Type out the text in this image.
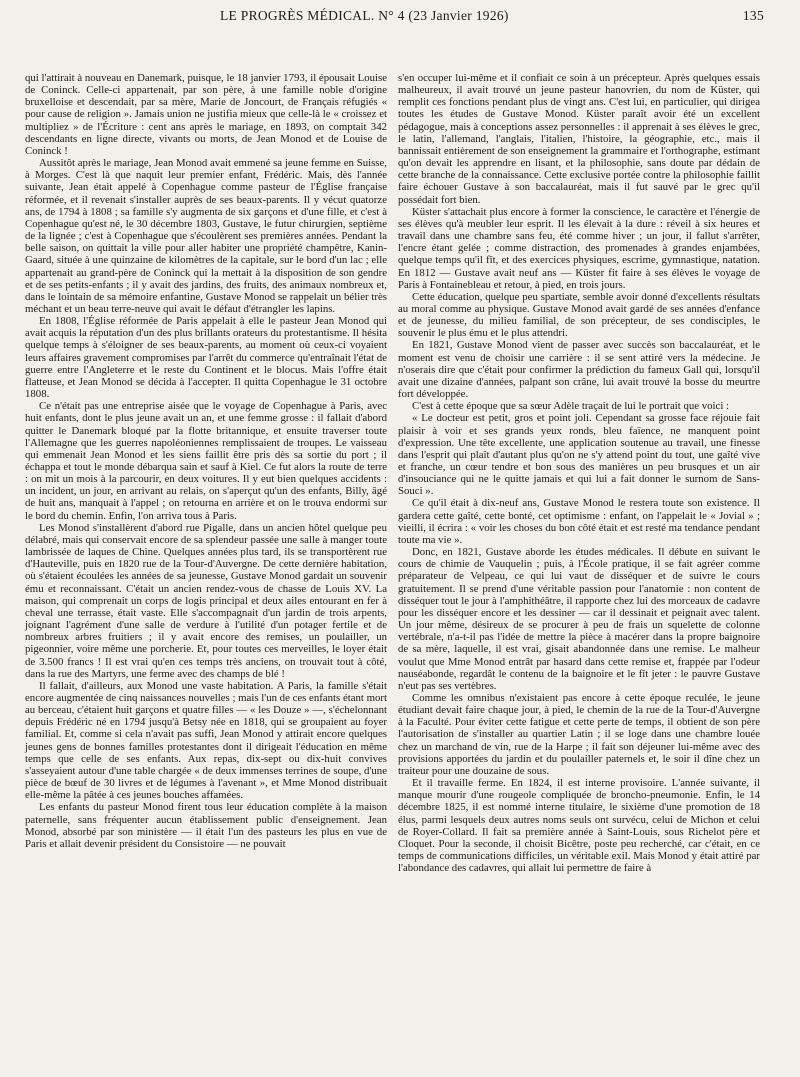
LE PROGRÈS MÉDICAL. N° 4 (23 Janvier 1926)	135

qui l'attirait à nouveau en Danemark, puisque, le 18 janvier 1793, il épousait Louise de Coninck. Celle-ci appartenait, par son père, à une famille noble d'origine bruxelloise et descendait, par sa mère, Marie de Joncourt, de Français réfugiés « pour cause de religion ». Jamais union ne justifia mieux que celle-là le « croissez et multipliez » de l'Écriture : cent ans après le mariage, en 1893, on comptait 342 descendants en ligne directe, vivants ou morts, de Jean Monod et de Louise de Coninck !

Aussitôt après le mariage, Jean Monod avait emmené sa jeune femme en Suisse, à Morges. C'est là que naquit leur premier enfant, Frédéric. Mais, dès l'année suivante, Jean était appelé à Copenhague comme pasteur de l'Église française réformée, et il revenait s'installer auprès de ses beaux-parents. Il y vécut quatorze ans, de 1794 à 1808 ; sa famille s'y augmenta de six garçons et d'une fille, et c'est à Copenhague qu'est né, le 30 décembre 1803, Gustave, le futur chirurgien, septième de la lignée ; c'est à Copenhague que s'écoulèrent ses premières années. Pendant la belle saison, on quittait la ville pour aller habiter une propriété champêtre, Kanin-Gaard, située à une quinzaine de kilomètres de la capitale, sur le bord d'un lac ; elle appartenait au grand-père de Coninck qui la mettait à la disposition de son gendre et de ses petits-enfants ; il y avait des jardins, des fruits, des animaux nombreux et, dans le lointain de sa mémoire enfantine, Gustave Monod se rappelait un bélier très méchant et un beau terre-neuve qui avait le défaut d'étrangler les lapins.

En 1808, l'Église réformée de Paris appelait à elle le pasteur Jean Monod qui avait acquis la réputation d'un des plus brillants orateurs du protestantisme. Il hésita quelque temps à s'éloigner de ses beaux-parents, au moment où ceux-ci voyaient leurs affaires gravement compromises par l'arrêt du commerce qu'entraînait l'état de guerre entre l'Angleterre et le reste du Continent et le blocus. Mais l'offre était flatteuse, et Jean Monod se décida à l'accepter. Il quitta Copenhague le 31 octobre 1808.

Ce n'était pas une entreprise aisée que le voyage de Copenhague à Paris, avec huit enfants, dont le plus jeune avait un an, et une femme grosse : il fallait d'abord quitter le Danemark bloqué par la flotte britannique, et ensuite traverser toute l'Allemagne que les guerres napoléoniennes remplissaient de troupes. Le vaisseau qui emmenait Jean Monod et les siens faillit être pris dès sa sortie du port ; il échappa et tout le monde débarqua sain et sauf à Kiel. Ce fut alors la route de terre : on mit un mois à la parcourir, en deux voitures. Il y eut bien quelques accidents : un incident, un jour, en arrivant au relais, on s'aperçut qu'un des enfants, Billy, âgé de huit ans, manquait à l'appel ; on retourna en arrière et on le trouva endormi sur le bord du chemin. Enfin, l'on arriva tous à Paris.

Les Monod s'installèrent d'abord rue Pigalle, dans un ancien hôtel quelque peu délabré, mais qui conservait encore de sa splendeur passée une salle à manger toute lambrissée de laques de Chine. Quelques années plus tard, ils se transportèrent rue d'Hauteville, puis en 1820 rue de la Tour-d'Auvergne. De cette dernière habitation, où s'étaient écoulées les années de sa jeunesse, Gustave Monod gardait un souvenir ému et reconnaissant. C'était un ancien rendez-vous de chasse de Louis XV. La maison, qui comprenait un corps de logis principal et deux ailes entourant en fer à cheval une terrasse, était vaste. Elle s'accompagnait d'un jardin de trois arpents, joignant l'agrément d'une salle de verdure à l'utilité d'un potager fertile et de nombreux arbres fruitiers ; il y avait encore des remises, un poulailler, un pigeonnier, voire même une porcherie. Et, pour toutes ces merveilles, le loyer était de 3.500 francs ! Il est vrai qu'en ces temps très anciens, on trouvait tout à côté, dans la rue des Martyrs, une ferme avec des champs de blé !

Il fallait, d'ailleurs, aux Monod une vaste habitation. A Paris, la famille s'était encore augmentée de cinq naissances nouvelles ; mais l'un de ces enfants étant mort au berceau, c'étaient huit garçons et quatre filles — « les Douze » —, s'échelonnant depuis Frédéric né en 1794 jusqu'à Betsy née en 1818, qui se groupaient au foyer familial. Et, comme si cela n'avait pas suffi, Jean Monod y attirait encore quelques jeunes gens de bonnes familles protestantes dont il dirigeait l'éducation en même temps que celle de ses enfants. Aux repas, dix-sept ou dix-huit convives s'asseyaient autour d'une table chargée « de deux immenses terrines de soupe, d'une pièce de bœuf de 30 livres et de légumes à l'avenant », et Mme Monod distribuait elle-même la pâtée à ces jeunes bouches affamées.

Les enfants du pasteur Monod firent tous leur éducation complète à la maison paternelle, sans fréquenter aucun établissement public d'enseignement. Jean Monod, absorbé par son ministère — il était l'un des pasteurs les plus en vue de Paris et allait devenir président du Consistoire — ne pouvait

s'en occuper lui-même et il confiait ce soin à un précepteur. Après quelques essais malheureux, il avait trouvé un jeune pasteur hanovrien, du nom de Küster, qui remplit ces fonctions pendant plus de vingt ans. C'est lui, en particulier, qui dirigea toutes les études de Gustave Monod. Küster paraît avoir été un excellent pédagogue, mais à conceptions assez personnelles : il apprenait à ses élèves le grec, le latin, l'allemand, l'anglais, l'italien, l'histoire, la géographie, etc., mais il bannissait entièrement de son enseignement la grammaire et l'orthographe, estimant qu'on devait les apprendre en lisant, et la philosophie, sans doute par dédain de cette branche de la connaissance. Cette exclusive portée contre la philosophie faillit faire échouer Gustave à son baccalauréat, mais il fut sauvé par le grec qu'il possédait fort bien.

Küster s'attachait plus encore à former la conscience, le caractère et l'énergie de ses élèves qu'à meubler leur esprit. Il les élevait à la dure : réveil à six heures et travail dans une chambre sans feu, été comme hiver ; un jour, il fallut s'arrêter, l'encre étant gelée ; comme distraction, des promenades à grandes enjambées, quelque temps qu'il fît, et des exercices physiques, escrime, gymnastique, natation. En 1812 — Gustave avait neuf ans — Küster fit faire à ses élèves le voyage de Paris à Fontainebleau et retour, à pied, en trois jours.

Cette éducation, quelque peu spartiate, semble avoir donné d'excellents résultats au moral comme au physique. Gustave Monod avait gardé de ses années d'enfance et de jeunesse, du milieu familial, de son précepteur, de ses condisciples, le souvenir le plus ému et le plus attendri.

En 1821, Gustave Monod vient de passer avec succès son baccalauréat, et le moment est venu de choisir une carrière : il se sent attiré vers la médecine. Je n'oserais dire que c'était pour confirmer la prédiction du fameux Gall qui, lorsqu'il avait une dizaine d'années, palpant son crâne, lui avait trouvé la bosse du meurtre fort développée.

C'est à cette époque que sa sœur Adèle traçait de lui le portrait que voici :

« Le docteur est petit, gros et point joli. Cependant sa grosse face réjouie fait plaisir à voir et ses grands yeux ronds, bleu faïence, ne manquent point d'expression. Une tête excellente, une application soutenue au travail, une finesse dans l'esprit qui plaît d'autant plus qu'on ne s'y attend point du tout, une gaîté vive et franche, un cœur tendre et bon sous des manières un peu brusques et un air d'insouciance qui ne le quitte jamais et qui lui a fait donner le surnom de Sans-Souci ».

Ce qu'il était à dix-neuf ans, Gustave Monod le restera toute son existence. Il gardera cette gaîté, cette bonté, cet optimisme : enfant, on l'appelait le « Jovial » ; vieilli, il écrira : « voir les choses du bon côté était et est resté ma tendance pendant toute ma vie ».

Donc, en 1821, Gustave aborde les études médicales. Il débute en suivant le cours de chimie de Vauquelin ; puis, à l'École pratique, il se fait agréer comme préparateur de Velpeau, ce qui lui vaut de disséquer et de suivre le cours gratuitement. Il se prend d'une véritable passion pour l'anatomie : non content de disséquer tout le jour à l'amphithéâtre, il rapporte chez lui des morceaux de cadavre pour les disséquer encore et les dessiner — car il dessinait et peignait avec talent. Un jour même, désireux de se procurer à peu de frais un squelette de colonne vertébrale, n'a-t-il pas l'idée de mettre la pièce à macérer dans la propre baignoire de sa mère, laquelle, il est vrai, gisait abandonnée dans une remise. Le malheur voulut que Mme Monod entrât par hasard dans cette remise et, frappée par l'odeur nauséabonde, regardât le contenu de la baignoire et le fît jeter : le pauvre Gustave n'eut pas ses vertèbres.

Comme les omnibus n'existaient pas encore à cette époque reculée, le jeune étudiant devait faire chaque jour, à pied, le chemin de la rue de la Tour-d'Auvergne à la Faculté. Pour éviter cette fatigue et cette perte de temps, il obtient de son père l'autorisation de s'installer au quartier Latin ; il se loge dans une chambre louée chez un marchand de vin, rue de la Harpe ; il fait son déjeuner lui-même avec des provisions apportées du jardin et du poulailler paternels et, le soir il dîne chez un traiteur pour une douzaine de sous.

Et il travaille ferme. En 1824, il est interne provisoire. L'année suivante, il manque mourir d'une rougeole compliquée de broncho-pneumonie. Enfin, le 14 décembre 1825, il est nommé interne titulaire, le sixième d'une promotion de 18 élus, parmi lesquels deux autres noms seuls ont survécu, celui de Michon et celui de Royer-Collard. Il fait sa première année à Saint-Louis, sous Richelot père et Cloquet. Pour la seconde, il choisit Bicêtre, poste peu recherché, car c'était, en ce temps de communications difficiles, un véritable exil. Mais Monod y était attiré par l'abondance des cadavres, qui allait lui permettre de faire à
